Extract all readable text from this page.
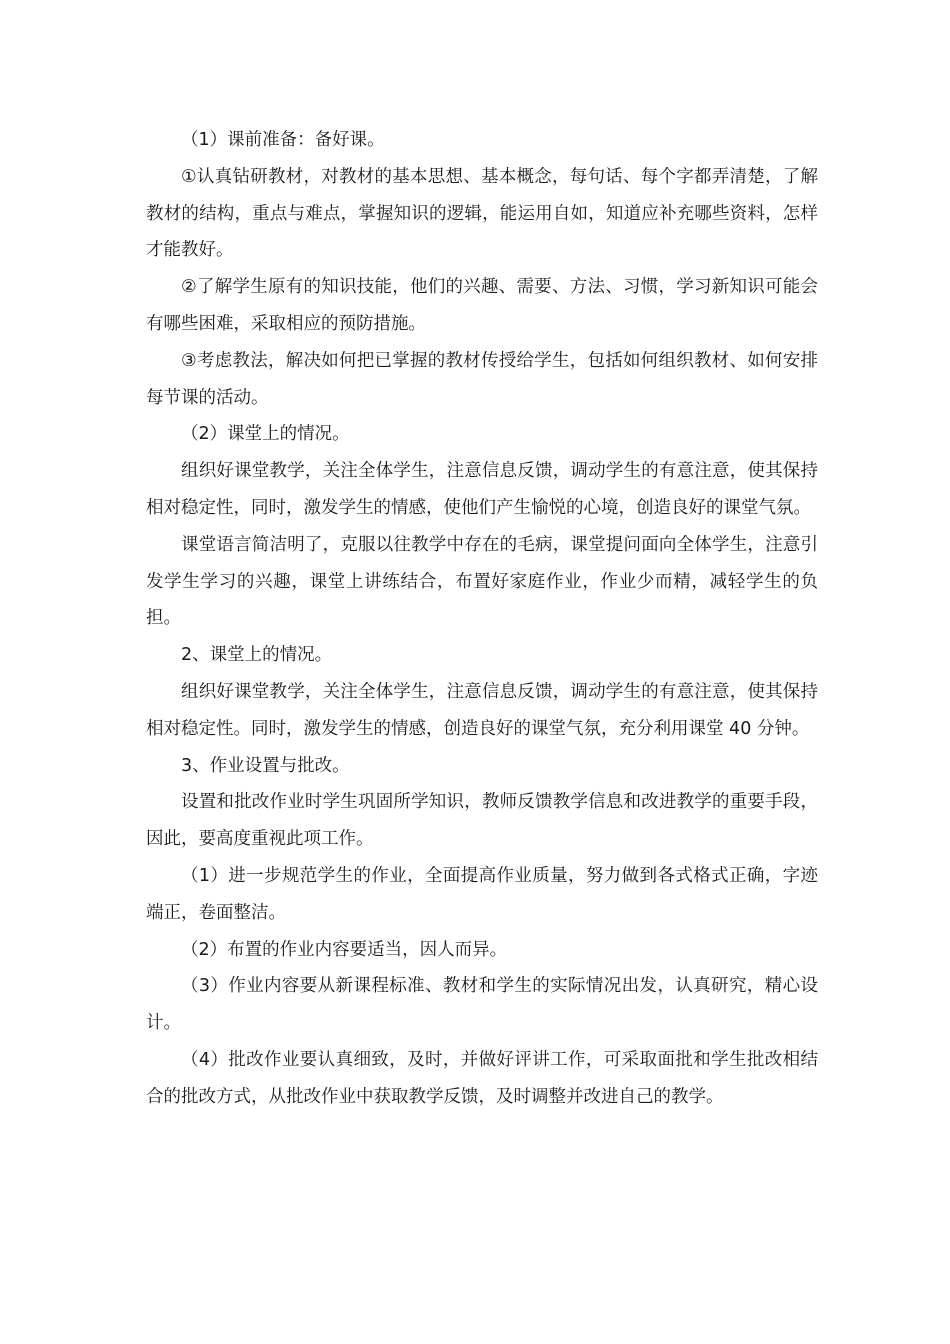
（1）课前准备：备好课。

①认真钻研教材，对教材的基本思想、基本概念，每句话、每个字都弄清楚，了解教材的结构，重点与难点，掌握知识的逻辑，能运用自如，知道应补充哪些资料，怎样才能教好。

②了解学生原有的知识技能，他们的兴趣、需要、方法、习惯，学习新知识可能会有哪些困难，采取相应的预防措施。

③考虑教法，解决如何把已掌握的教材传授给学生，包括如何组织教材、如何安排每节课的活动。

（2）课堂上的情况。

组织好课堂教学，关注全体学生，注意信息反馈，调动学生的有意注意，使其保持相对稳定性，同时，激发学生的情感，使他们产生愉悦的心境，创造良好的课堂气氛。

课堂语言简洁明了，克服以往教学中存在的毛病，课堂提问面向全体学生，注意引发学生学习的兴趣，课堂上讲练结合，布置好家庭作业，作业少而精，减轻学生的负担。

2、课堂上的情况。

组织好课堂教学，关注全体学生，注意信息反馈，调动学生的有意注意，使其保持相对稳定性。同时，激发学生的情感，创造良好的课堂气氛，充分利用课堂 40 分钟。

3、作业设置与批改。

设置和批改作业时学生巩固所学知识，教师反馈教学信息和改进教学的重要手段，因此，要高度重视此项工作。

（1）进一步规范学生的作业，全面提高作业质量，努力做到各式格式正确，字迹端正，卷面整洁。

（2）布置的作业内容要适当，因人而异。

（3）作业内容要从新课程标准、教材和学生的实际情况出发，认真研究，精心设计。

（4）批改作业要认真细致，及时，并做好评讲工作，可采取面批和学生批改相结合的批改方式，从批改作业中获取教学反馈，及时调整并改进自己的教学。
